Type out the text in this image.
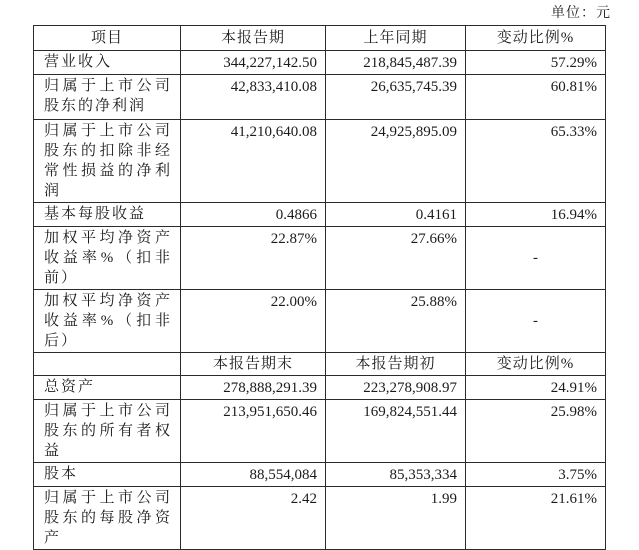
单位：元
项目	本报告期	上年同期	变动比例%
营业收入	344,227,142.50	218,845,487.39	57.29%
归属于上市公司股东的净利润	42,833,410.08	26,635,745.39	60.81%
归属于上市公司股东的扣除非经常性损益的净利润	41,210,640.08	24,925,895.09	65.33%
基本每股收益	0.4866	0.4161	16.94%
加权平均净资产收益率%（扣非前）	22.87%	27.66%	-
加权平均净资产收益率%（扣非后）	22.00%	25.88%	-
	本报告期末	本报告期初	变动比例%
总资产	278,888,291.39	223,278,908.97	24.91%
归属于上市公司股东的所有者权益	213,951,650.46	169,824,551.44	25.98%
股本	88,554,084	85,353,334	3.75%
归属于上市公司股东的每股净资产	2.42	1.99	21.61%
